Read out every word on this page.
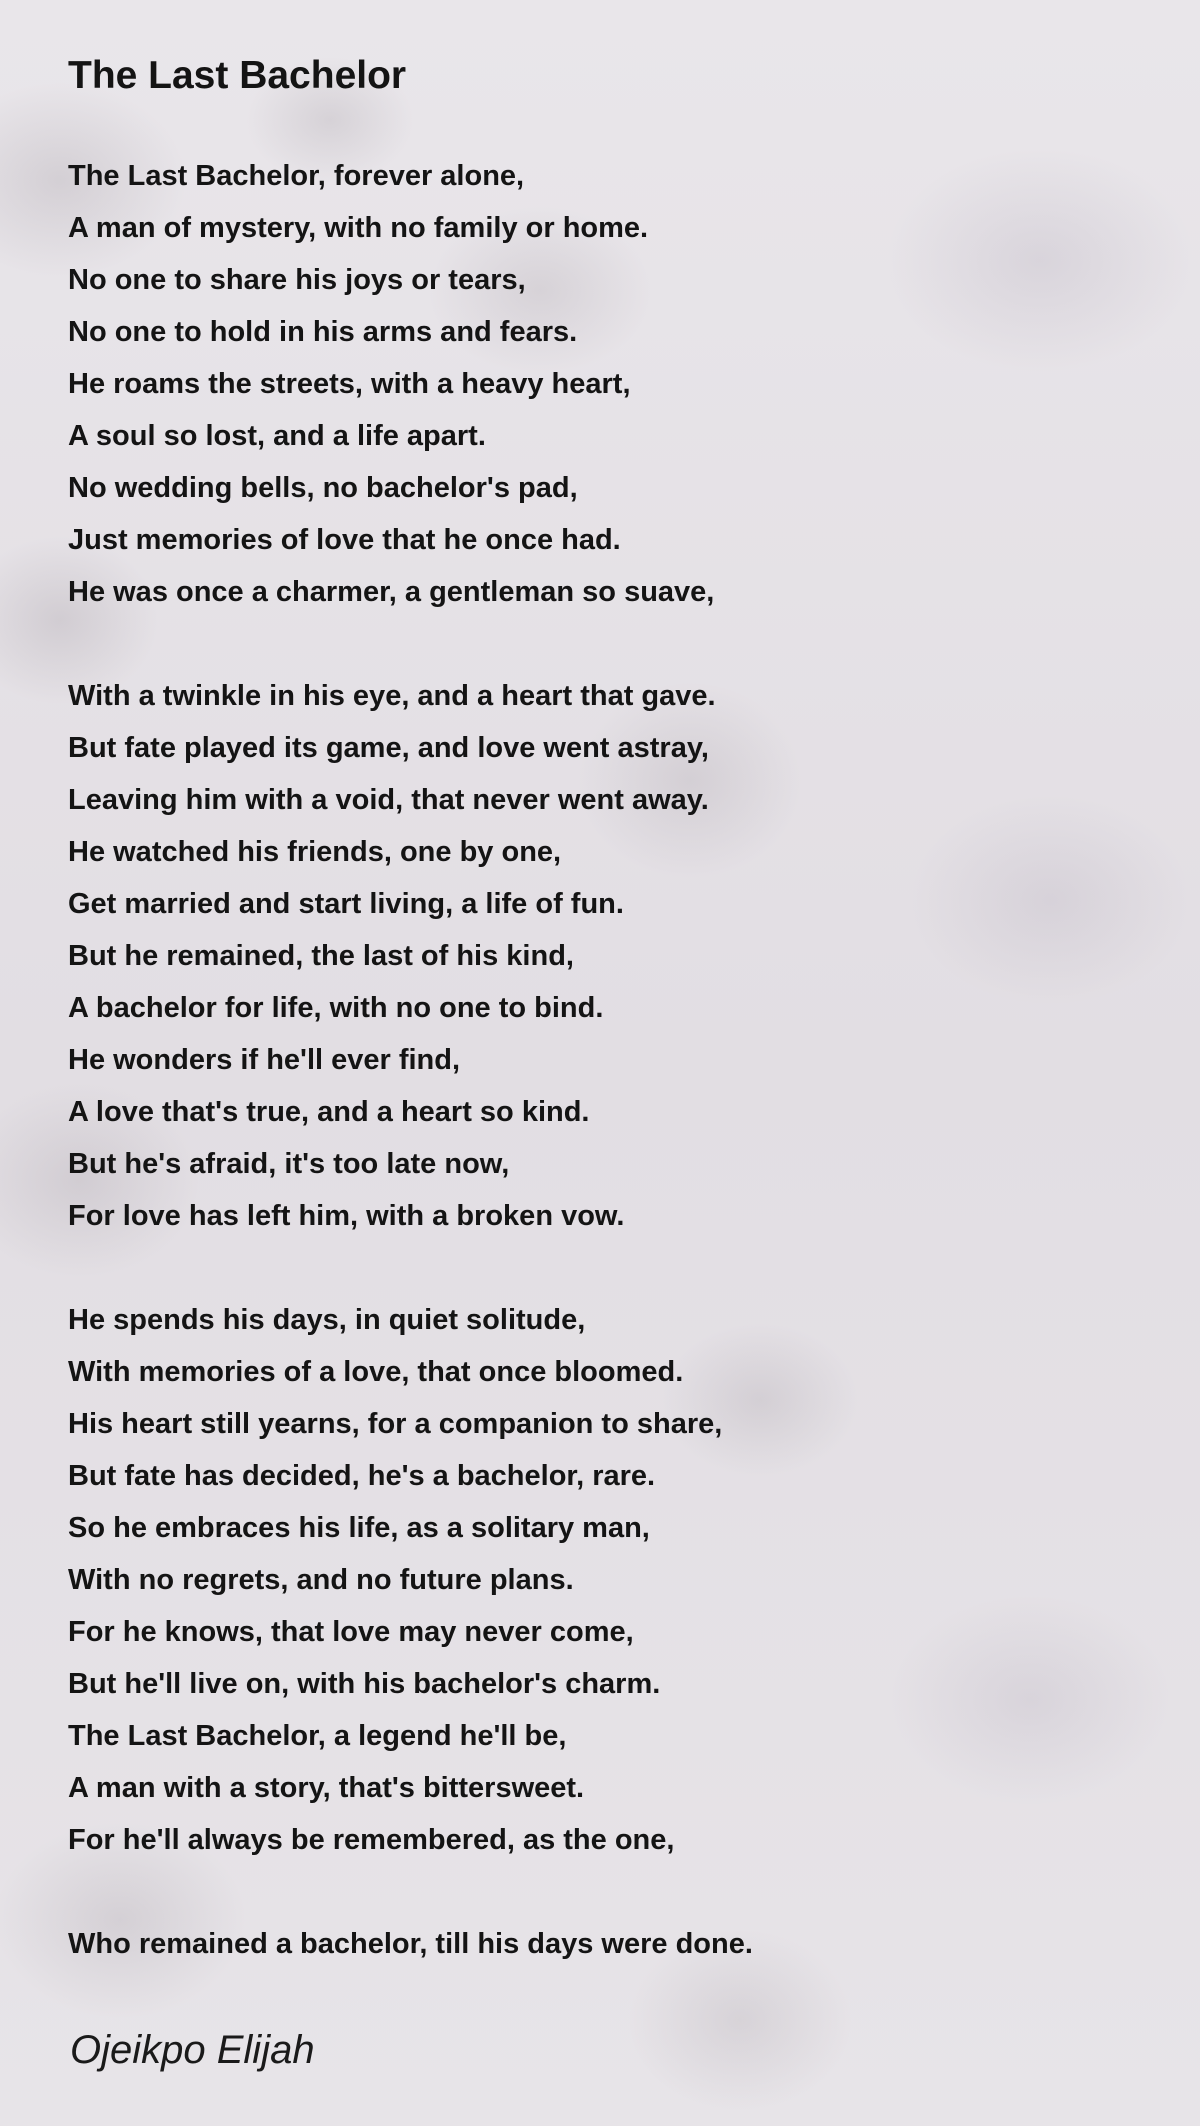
The Last Bachelor
The Last Bachelor, forever alone,
A man of mystery, with no family or home.
No one to share his joys or tears,
No one to hold in his arms and fears.
He roams the streets, with a heavy heart,
A soul so lost, and a life apart.
No wedding bells, no bachelor's pad,
Just memories of love that he once had.
He was once a charmer, a gentleman so suave,
With a twinkle in his eye, and a heart that gave.
But fate played its game, and love went astray,
Leaving him with a void, that never went away.
He watched his friends, one by one,
Get married and start living, a life of fun.
But he remained, the last of his kind,
A bachelor for life, with no one to bind.
He wonders if he'll ever find,
A love that's true, and a heart so kind.
But he's afraid, it's too late now,
For love has left him, with a broken vow.
He spends his days, in quiet solitude,
With memories of a love, that once bloomed.
His heart still yearns, for a companion to share,
But fate has decided, he's a bachelor, rare.
So he embraces his life, as a solitary man,
With no regrets, and no future plans.
For he knows, that love may never come,
But he'll live on, with his bachelor's charm.
The Last Bachelor, a legend he'll be,
A man with a story, that's bittersweet.
For he'll always be remembered, as the one,
Who remained a bachelor, till his days were done.
Ojeikpo Elijah
